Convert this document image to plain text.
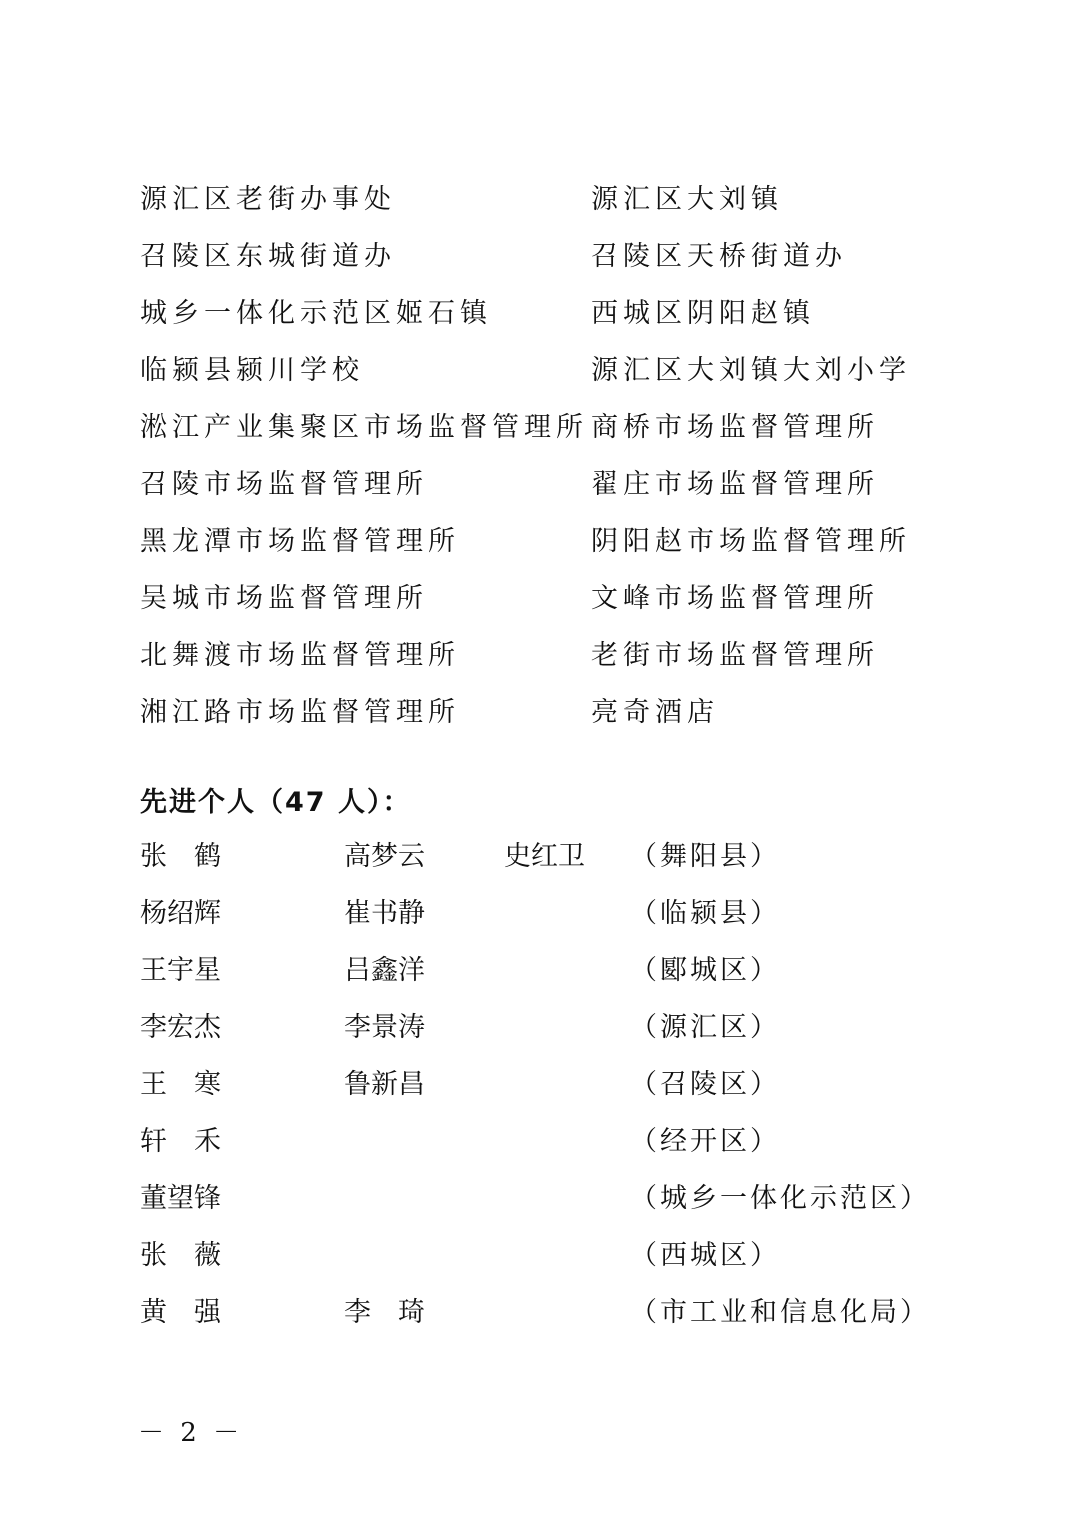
源汇区老街办事处	源汇区大刘镇
召陵区东城街道办	召陵区天桥街道办
城乡一体化示范区姬石镇	西城区阴阳赵镇
临颍县颍川学校	源汇区大刘镇大刘小学
淞江产业集聚区市场监督管理所 商桥市场监督管理所
召陵市场监督管理所	翟庄市场监督管理所
黑龙潭市场监督管理所	阴阳赵市场监督管理所
吴城市场监督管理所	文峰市场监督管理所
北舞渡市场监督管理所	老街市场监督管理所
湘江路市场监督管理所	亮奇酒店
先进个人（47 人）：
张　鹤	高梦云	史红卫 （舞阳县）
杨绍辉	崔书静	（临颍县）
王宇星	吕鑫洋	（郾城区）
李宏杰	李景涛	（源汇区）
王　寒	鲁新昌	（召陵区）
轩　禾	（经开区）
董望锋	（城乡一体化示范区）
张　薇	（西城区）
黄　强	李　琦	（市工业和信息化局）
－ 2 －
